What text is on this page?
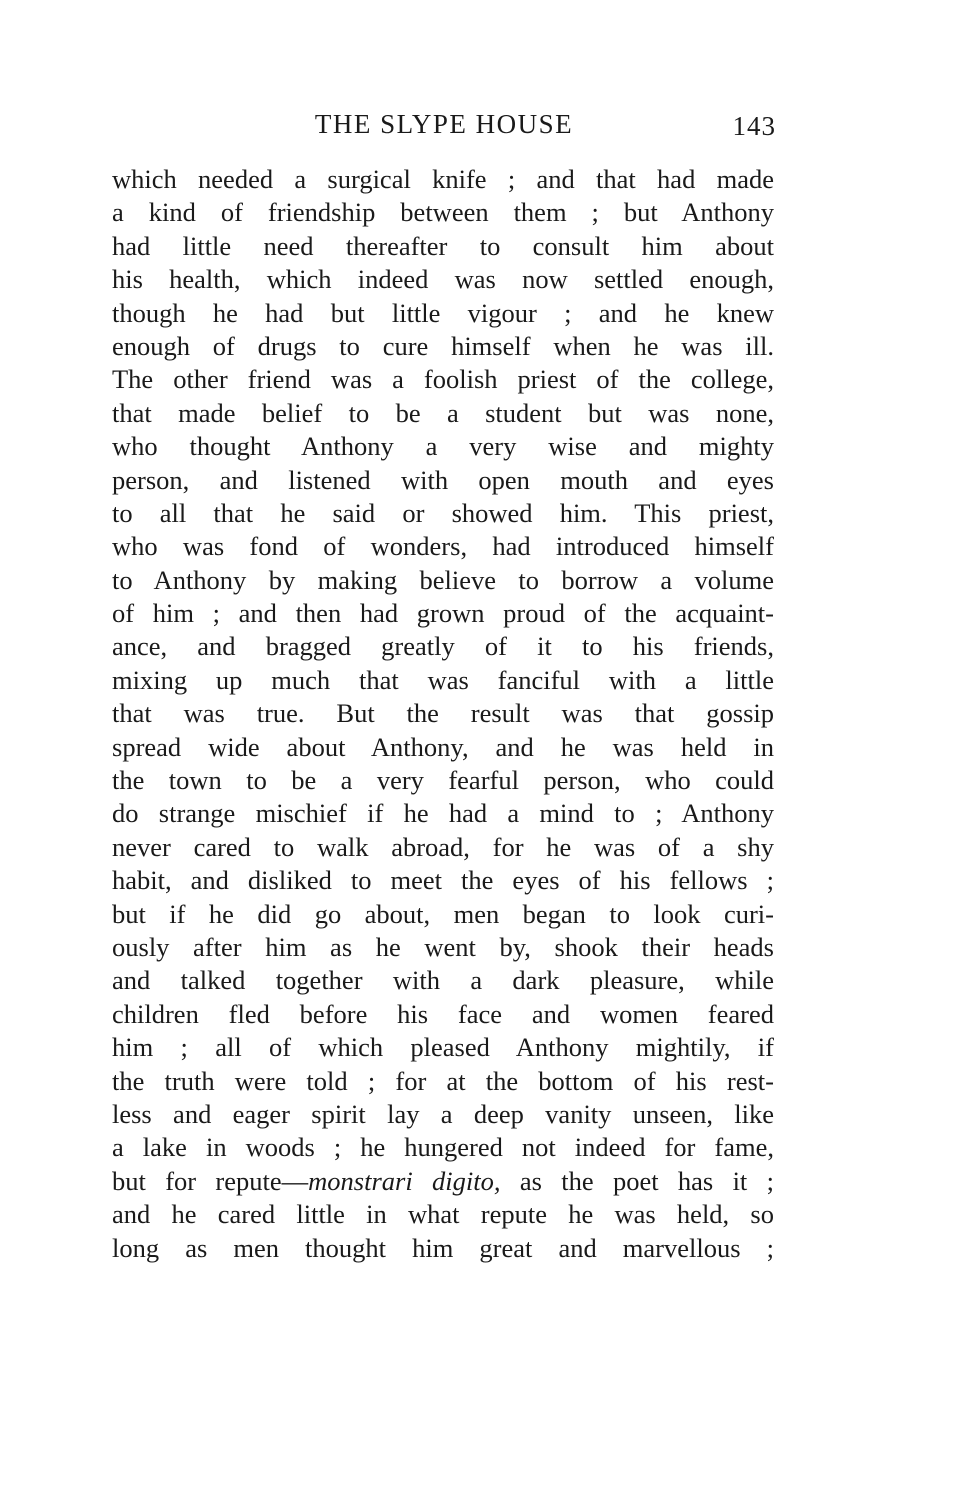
THE SLYPE HOUSE	143
which needed a surgical knife ; and that had made
a kind of friendship between them ; but Anthony
had little need thereafter to consult him about
his health, which indeed was now settled enough,
though he had but little vigour ; and he knew
enough of drugs to cure himself when he was ill.
The other friend was a foolish priest of the college,
that made belief to be a student but was none,
who thought Anthony a very wise and mighty
person, and listened with open mouth and eyes
to all that he said or showed him. This priest,
who was fond of wonders, had introduced himself
to Anthony by making believe to borrow a volume
of him ; and then had grown proud of the acquaint-
ance, and bragged greatly of it to his friends,
mixing up much that was fanciful with a little
that was true. But the result was that gossip
spread wide about Anthony, and he was held in
the town to be a very fearful person, who could
do strange mischief if he had a mind to ; Anthony
never cared to walk abroad, for he was of a shy
habit, and disliked to meet the eyes of his fellows ;
but if he did go about, men began to look curi-
ously after him as he went by, shook their heads
and talked together with a dark pleasure, while
children fled before his face and women feared
him ; all of which pleased Anthony mightily, if
the truth were told ; for at the bottom of his rest-
less and eager spirit lay a deep vanity unseen, like
a lake in woods ; he hungered not indeed for fame,
but for repute—monstrari digito, as the poet has it ;
and he cared little in what repute he was held, so
long as men thought him great and marvellous ;
